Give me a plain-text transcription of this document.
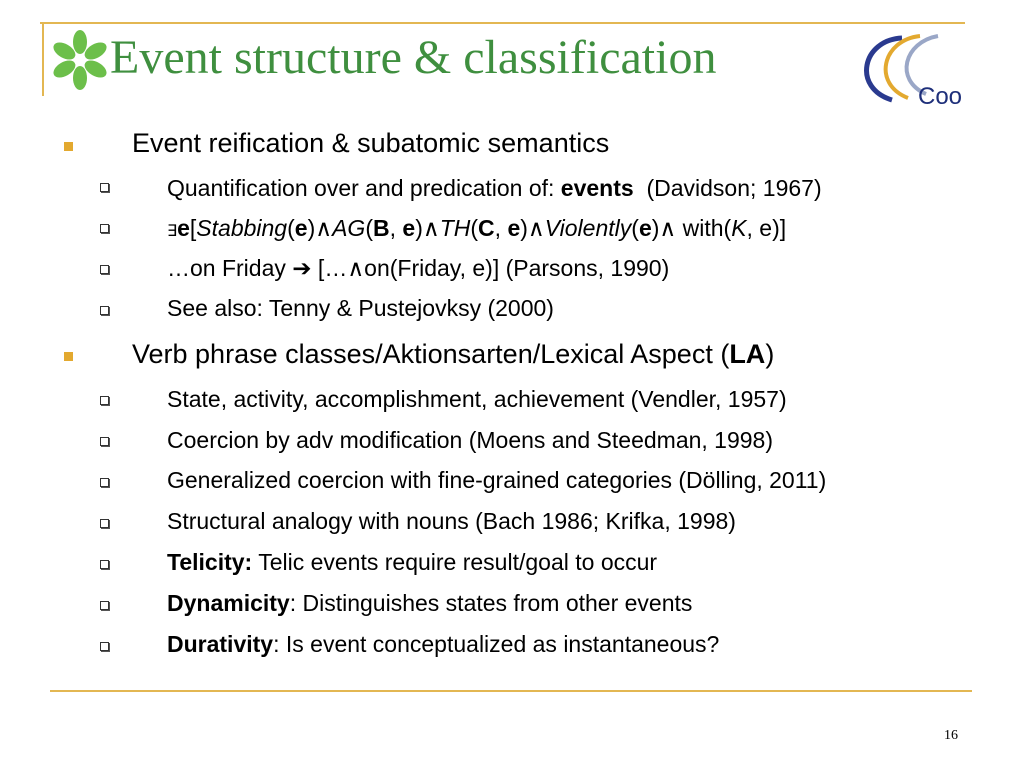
Event structure & classification
Coo
Event reification & subatomic semantics
Quantification over and predication of: events  (Davidson; 1967)
∃e[Stabbing(e)∧AG(B, e)∧TH(C, e)∧Violently(e)∧ with(K, e)]
…on Friday ➔ […∧on(Friday, e)] (Parsons, 1990)
See also: Tenny & Pustejovksy (2000)
Verb phrase classes/Aktionsarten/Lexical Aspect (LA)
State, activity, accomplishment, achievement (Vendler, 1957)
Coercion by adv modification (Moens and Steedman, 1998)
Generalized coercion with fine-grained categories (Dölling, 2011)
Structural analogy with nouns (Bach 1986; Krifka, 1998)
Telicity: Telic events require result/goal to occur
Dynamicity: Distinguishes states from other events
Durativity: Is event conceptualized as instantaneous?
16
